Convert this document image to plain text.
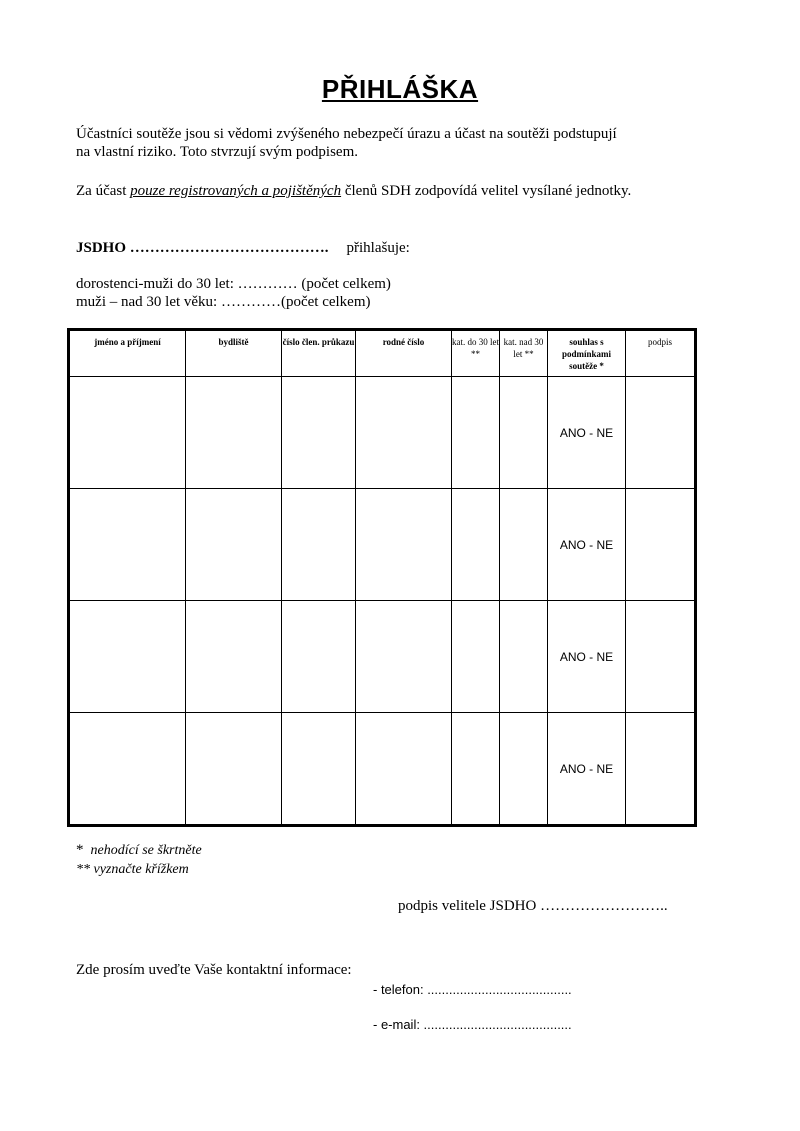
PŘIHLÁŠKA
Účastníci soutěže jsou si vědomi zvýšeného nebezpečí úrazu a účast na soutěži podstupují
na vlastní riziko. Toto stvrzují svým podpisem.
Za účast pouze registrovaných a pojištěných členů SDH zodpovídá velitel vysílané jednotky.
JSDHO …………………………………. přihlašuje:
dorostenci-muži do 30 let: ………… (počet celkem)
muži – nad 30 let věku: …………(počet celkem)
jméno a příjmení	bydliště	číslo člen. průkazu	rodné číslo	kat. do 30 let **	kat. nad 30 let **	souhlas s podmínkami soutěže *	podpis
						ANO - NE	
						ANO - NE	
						ANO - NE	
						ANO - NE	
* nehodící se škrtněte
** vyznačte křížkem
podpis velitele JSDHO ……………………..
Zde prosím uveďte Vaše kontaktní informace:
- telefon: ........................................
- e-mail: .........................................
